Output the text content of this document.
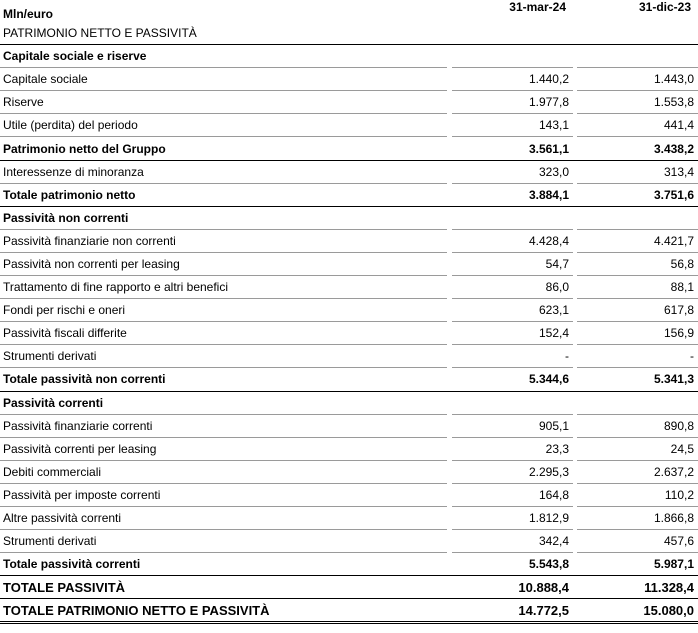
31-mar-24	31-dic-23
Mln/euro
PATRIMONIO NETTO E PASSIVITÀ				
Capitale sociale e riserve				
Capitale sociale		1.440,2		1.443,0
Riserve		1.977,8		1.553,8
Utile (perdita) del periodo		143,1		441,4
Patrimonio netto del Gruppo		3.561,1		3.438,2
Interessenze di minoranza		323,0		313,4
Totale patrimonio netto		3.884,1		3.751,6
Passività non correnti				
Passività finanziarie non correnti		4.428,4		4.421,7
Passività non correnti per leasing		54,7		56,8
Trattamento di fine rapporto e altri benefici		86,0		88,1
Fondi per rischi e oneri		623,1		617,8
Passività fiscali differite		152,4		156,9
Strumenti derivati		-		-
Totale passività non correnti		5.344,6		5.341,3
Passività correnti				
Passività finanziarie correnti		905,1		890,8
Passività correnti per leasing		23,3		24,5
Debiti commerciali		2.295,3		2.637,2
Passività per imposte correnti		164,8		110,2
Altre passività correnti		1.812,9		1.866,8
Strumenti derivati		342,4		457,6
Totale passività correnti		5.543,8		5.987,1
TOTALE PASSIVITÀ		10.888,4		11.328,4
TOTALE PATRIMONIO NETTO E PASSIVITÀ		14.772,5		15.080,0
